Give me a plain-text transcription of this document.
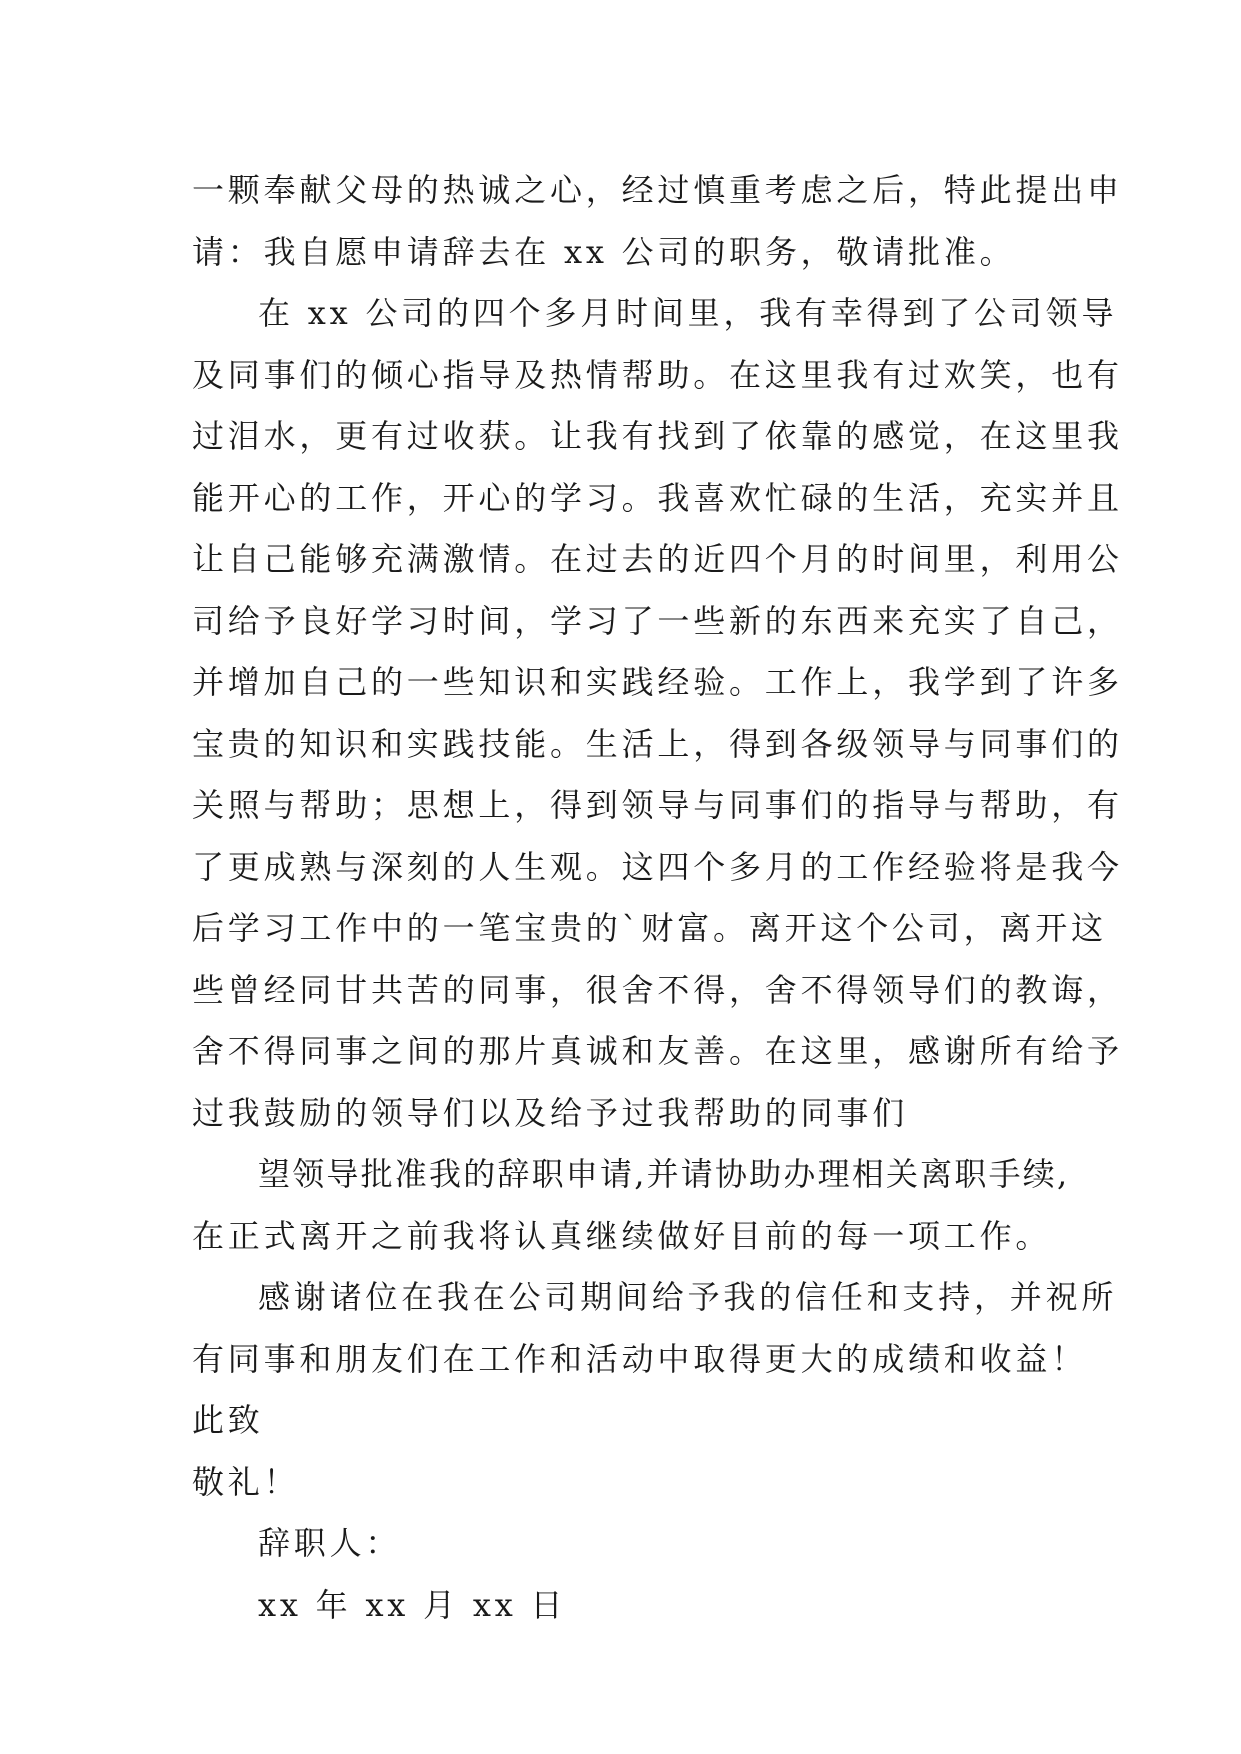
一颗奉献父母的热诚之心，经过慎重考虑之后，特此提出申

请：我自愿申请辞去在 xx 公司的职务，敬请批准。

在 xx 公司的四个多月时间里，我有幸得到了公司领导

及同事们的倾心指导及热情帮助。在这里我有过欢笑，也有

过泪水，更有过收获。让我有找到了依靠的感觉，在这里我

能开心的工作，开心的学习。我喜欢忙碌的生活，充实并且

让自己能够充满激情。在过去的近四个月的时间里，利用公

司给予良好学习时间，学习了一些新的东西来充实了自己，

并增加自己的一些知识和实践经验。工作上，我学到了许多

宝贵的知识和实践技能。生活上，得到各级领导与同事们的

关照与帮助；思想上，得到领导与同事们的指导与帮助，有

了更成熟与深刻的人生观。这四个多月的工作经验将是我今

后学习工作中的一笔宝贵的`财富。离开这个公司，离开这

些曾经同甘共苦的同事，很舍不得，舍不得领导们的教诲，

舍不得同事之间的那片真诚和友善。在这里，感谢所有给予

过我鼓励的领导们以及给予过我帮助的同事们

望领导批准我的辞职申请,并请协助办理相关离职手续,

在正式离开之前我将认真继续做好目前的每一项工作。

感谢诸位在我在公司期间给予我的信任和支持，并祝所

有同事和朋友们在工作和活动中取得更大的成绩和收益！

此致

敬礼！

辞职人：

xx 年 xx 月 xx 日
